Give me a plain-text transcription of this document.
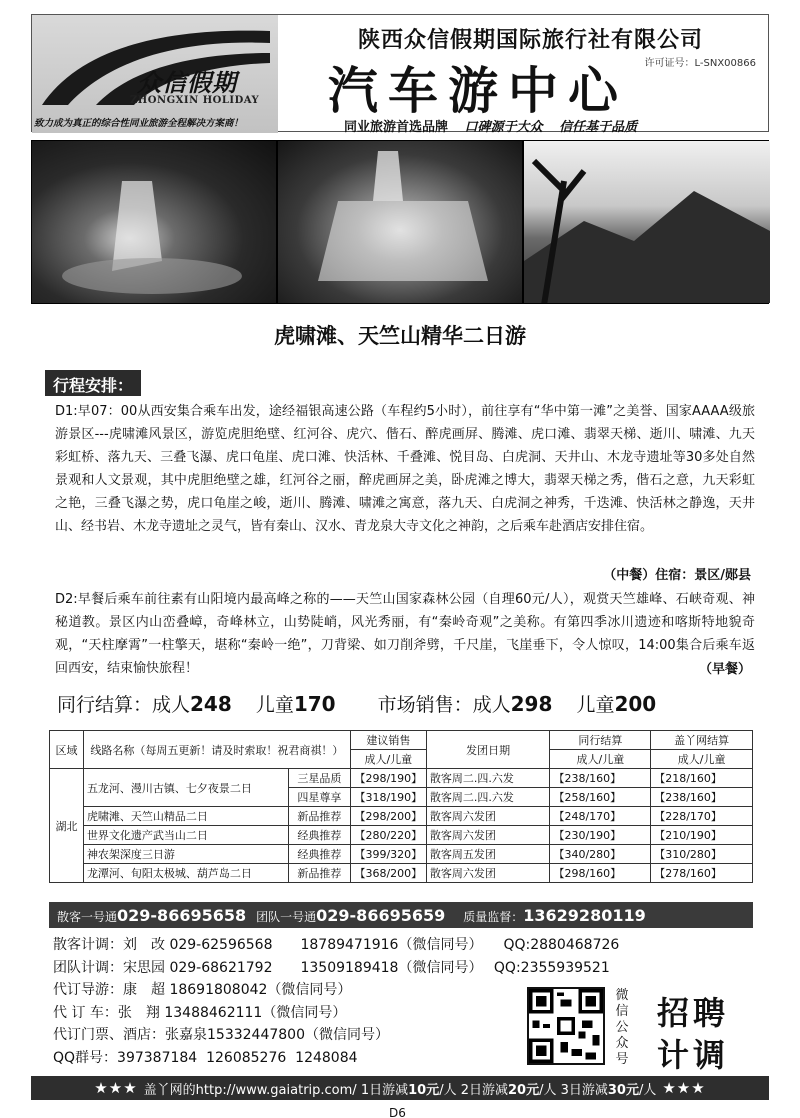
众信假期
ZHONGXIN HOLIDAY
致力成为真正的综合性同业旅游全程解决方案商！
陕西众信假期国际旅行社有限公司
许可证号：L-SNX00866
汽车游中心
同业旅游首选品牌 口碑源于大众 信任基于品质
虎啸滩、天竺山精华二日游
行程安排：
D1:早07：00从西安集合乘车出发，途经福银高速公路（车程约5小时），前往享有“华中第一滩”之美誉、国家AAAA级旅游景区---虎啸滩风景区，游览虎胆绝壁、红河谷、虎穴、偕石、醉虎画屏、腾滩、虎口滩、翡翠天梯、逝川、啸滩、九天彩虹桥、落九天、三叠飞瀑、虎口龟崖、虎口滩、快活林、千叠滩、悦目岛、白虎洞、天井山、木龙寺遗址等30多处自然景观和人文景观，其中虎胆绝壁之雄，红河谷之丽，醉虎画屏之美，卧虎滩之博大，翡翠天梯之秀，偕石之意，九天彩虹之艳，三叠飞瀑之势，虎口龟崖之峻，逝川、腾滩、啸滩之寓意，落九天、白虎洞之神秀，千迭滩、快活林之静逸，天井山、经书岩、木龙寺遗址之灵气，皆有秦山、汉水、青龙泉大寺文化之神韵，之后乘车赴酒店安排住宿。
（中餐）住宿：景区/郧县
D2:早餐后乘车前往素有山阳境内最高峰之称的——天竺山国家森林公园（自理60元/人），观赏天竺雄峰、石峡奇观、神秘道教。景区内山峦叠嶂，奇峰林立，山势陡峭，风光秀丽，有“秦岭奇观”之美称。有第四季冰川遗迹和喀斯特地貌奇观，“天柱摩霄”一柱擎天，堪称“秦岭一绝”，刀背梁、如刀削斧劈，千尺崖，飞崖垂下，令人惊叹，14:00集合后乘车返回西安，结束愉快旅程！	（早餐）
同行结算：成人248 儿童170 市场销售：成人298 儿童200
区域	线路名称（每周五更新！请及时索取！祝君商祺！）		建议销售	发团日期	同行结算	盖丫网结算
			成人/儿童		成人/儿童	成人/儿童
湖北	五龙河、漫川古镇、七夕夜景二日	三星品质	【298/190】	散客周二.四.六发	【238/160】	【218/160】
		四星尊享	【318/190】	散客周二.四.六发	【258/160】	【238/160】
	虎啸滩、天竺山精品二日	新品推荐	【298/200】	散客周六发团	【248/170】	【228/170】
	世界文化遗产武当山二日	经典推荐	【280/220】	散客周六发团	【230/190】	【210/190】
	神农架深度三日游	经典推荐	【399/320】	散客周五发团	【340/280】	【310/280】
	龙潭河、旬阳太极城、葫芦岛二日	新品推荐	【368/200】	散客周六发团	【298/160】	【278/160】
散客一号通029-86695658 团队一号通029-86695659 质量监督：13629280119
散客计调：刘　改 029-62596568　　18789471916（微信同号）　　QQ:2880468726
团队计调：宋思园 029-68621792　　13509189418（微信同号）　 QQ:2355939521
代订导游：康　超 18691808042（微信同号）
代 订 车：张　翔 13488462111（微信同号）
代订门票、酒店：张嘉泉15332447800（微信同号）
QQ群号：397387184  126085276  1248084
微信公众号
招聘
计调
★★★ 盖丫网的http://www.gaiatrip.com/ 1日游减 10元 /人 2日游减 20元 /人 3日游减 30元 /人 ★★★
D6
